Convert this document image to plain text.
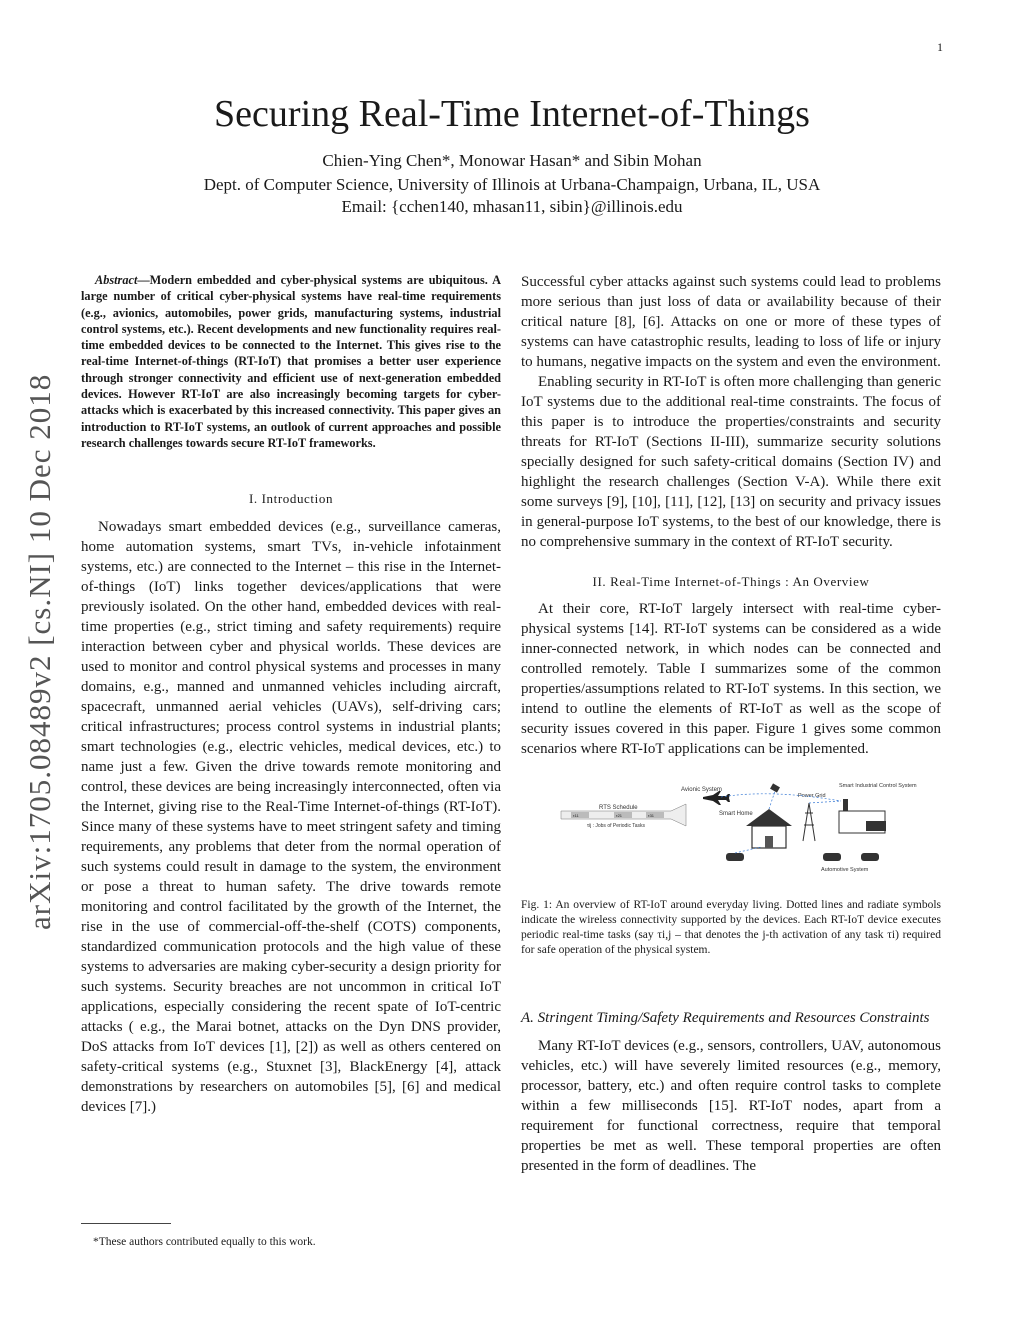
1
arXiv:1705.08489v2 [cs.NI] 10 Dec 2018
Securing Real-Time Internet-of-Things
Chien-Ying Chen*, Monowar Hasan* and Sibin Mohan
Dept. of Computer Science, University of Illinois at Urbana-Champaign, Urbana, IL, USA
Email: {cchen140, mhasan11, sibin}@illinois.edu

Abstract—Modern embedded and cyber-physical systems are ubiquitous. A large number of critical cyber-physical systems have real-time requirements (e.g., avionics, automobiles, power grids, manufacturing systems, industrial control systems, etc.). Recent developments and new functionality requires real-time embedded devices to be connected to the Internet. This gives rise to the real-time Internet-of-things (RT-IoT) that promises a better user experience through stronger connectivity and efficient use of next-generation embedded devices. However RT-IoT are also increasingly becoming targets for cyber-attacks which is exacerbated by this increased connectivity. This paper gives an introduction to RT-IoT systems, an outlook of current approaches and possible research challenges towards secure RT-IoT frameworks.

I. Introduction

Nowadays smart embedded devices (e.g., surveillance cameras, home automation systems, smart TVs, in-vehicle infotainment systems, etc.) are connected to the Internet – this rise in the Internet-of-things (IoT) links together devices/applications that were previously isolated. On the other hand, embedded devices with real-time properties (e.g., strict timing and safety requirements) require interaction between cyber and physical worlds. These devices are used to monitor and control physical systems and processes in many domains, e.g., manned and unmanned vehicles including aircraft, spacecraft, unmanned aerial vehicles (UAVs), self-driving cars; critical infrastructures; process control systems in industrial plants; smart technologies (e.g., electric vehicles, medical devices, etc.) to name just a few. Given the drive towards remote monitoring and control, these devices are being increasingly interconnected, often via the Internet, giving rise to the Real-Time Internet-of-things (RT-IoT). Since many of these systems have to meet stringent safety and timing requirements, any problems that deter from the normal operation of such systems could result in damage to the system, the environment or pose a threat to human safety. The drive towards remote monitoring and control facilitated by the growth of the Internet, the rise in the use of commercial-off-the-shelf (COTS) components, standardized communication protocols and the high value of these systems to adversaries are making cyber-security a design priority for such systems. Security breaches are not uncommon in critical IoT applications, especially considering the recent spate of IoT-centric attacks ( e.g., the Marai botnet, attacks on the Dyn DNS provider, DoS attacks from IoT devices [1], [2]) as well as others centered on safety-critical systems (e.g., Stuxnet [3], BlackEnergy [4], attack demonstrations by researchers on automobiles [5], [6] and medical devices [7].)

*These authors contributed equally to this work.

Successful cyber attacks against such systems could lead to problems more serious than just loss of data or availability because of their critical nature [8], [6]. Attacks on one or more of these types of systems can have catastrophic results, leading to loss of life or injury to humans, negative impacts on the system and even the environment.

Enabling security in RT-IoT is often more challenging than generic IoT systems due to the additional real-time constraints. The focus of this paper is to introduce the properties/constraints and security threats for RT-IoT (Sections II-III), summarize security solutions specially designed for such safety-critical domains (Section IV) and highlight the research challenges (Section V-A). While there exit some surveys [9], [10], [11], [12], [13] on security and privacy issues in general-purpose IoT systems, to the best of our knowledge, there is no comprehensive summary in the context of RT-IoT security.

II. Real-Time Internet-of-Things : An Overview

At their core, RT-IoT largely intersect with real-time cyber-physical systems [14]. RT-IoT systems can be considered as a wide inner-connected network, in which nodes can be connected and controlled remotely. Table I summarizes some of the common properties/assumptions related to RT-IoT systems. In this section, we intend to outline the elements of RT-IoT as well as the scope of security issues covered in this paper. Figure 1 gives some common scenarios where RT-IoT applications can be implemented.

RTS Schedule
τ11	τ21	τ31
τij : Jobs of Periodic Tasks
Avionic System
Smart Home
Power Grid
Smart Industrial Control System
Automotive System

Fig. 1: An overview of RT-IoT around everyday living. Dotted lines and radiate symbols indicate the wireless connectivity supported by the devices. Each RT-IoT device executes periodic real-time tasks (say τi,j – that denotes the j-th activation of any task τi) required for safe operation of the physical system.

A. Stringent Timing/Safety Requirements and Resources Constraints

Many RT-IoT devices (e.g., sensors, controllers, UAV, autonomous vehicles, etc.) will have severely limited resources (e.g., memory, processor, battery, etc.) and often require control tasks to complete within a few milliseconds [15]. RT-IoT nodes, apart from a requirement for functional correctness, require that temporal properties be met as well. These temporal properties are often presented in the form of deadlines. The
